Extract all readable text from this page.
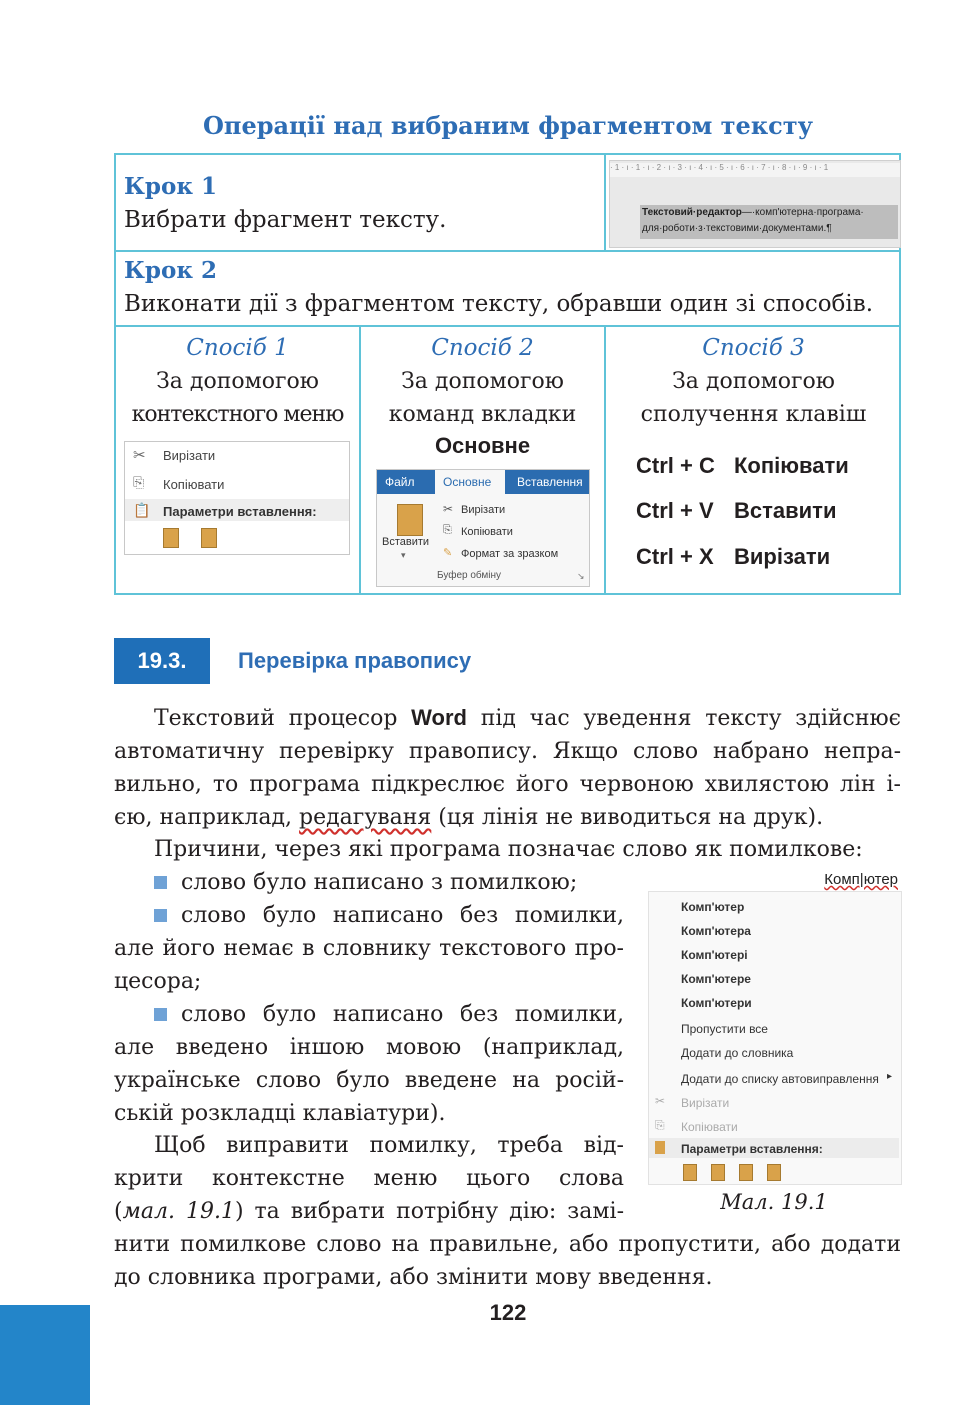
Операції над вибраним фрагментом тексту
Крок 1
Вибрати фрагмент тексту.
· 1 · ı · 1 · ı · 2 · ı · 3 · ı · 4 · ı · 5 · ı · 6 · ı · 7 · ı · 8 · ı · 9 · ı · 1
Текстовий·редактор—·комп'ютерна·програма·
для·роботи·з·текстовими·документами.¶
Крок 2
Виконати дії з фрагментом тексту, обравши один зі способів.
Спосіб 1
За допомогою
контекстного меню
✂ Вирізати
⎘ Копіювати
📋 Параметри вставлення:
Спосіб 2
За допомогою
команд вкладки
Основне
Файл Основне Вставлення
Вставити
▾
✂ Вирізати
⎘ Копіювати
✎ Формат за зразком
Буфер обміну	↘
Спосіб 3
За допомогою
сполучення клавіш
Ctrl + C Копіювати
Ctrl + V Вставити
Ctrl + X Вирізати
19.3.	Перевірка правопису
Текстовий процесор Word під час уведення тексту здійснює
автоматичну перевірку правопису. Якщо слово набрано непра-
вильно, то програма підкреслює його червоною хвилястою лін і-
єю, наприклад, редагуваня (ця лінія не виводиться на друк).
Причини, через які програма позначає слово як помилкове:
слово було написано з помилкою;
слово було написано без помилки,
але його немає в словнику текстового про-
цесора;
слово було написано без помилки,
але введено іншою мовою (наприклад,
українське слово було введене на росій-
ській розкладці клавіатури).
Щоб виправити помилку, треба від-
крити контекстне меню цього слова
(мал. 19.1) та вибрати потрібну дію: замі-
нити помилкове слово на правильне, або пропустити, або додати
до словника програми, або змінити мову введення.
Комп|ютер
Комп'ютер
Комп'ютера
Комп'ютері
Комп'ютере
Комп'ютери
Пропустити все
Додати до словника
Додати до списку автовиправлення ▸
✂ Вирізати
⎘ Копіювати
Параметри вставлення:
Мал. 19.1
122
